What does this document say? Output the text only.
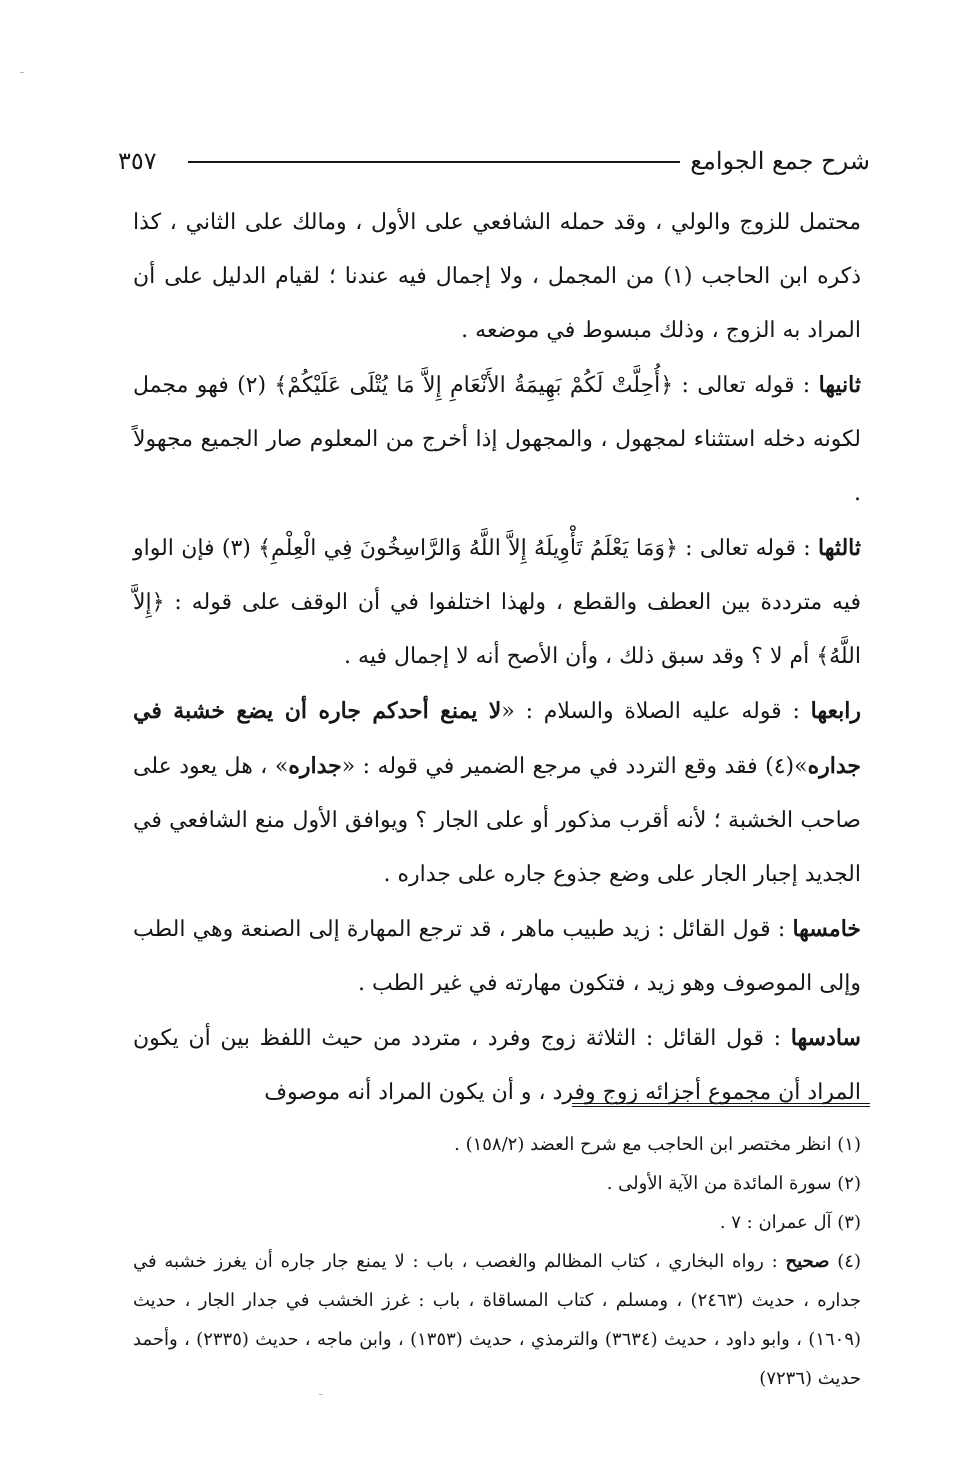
شرح جمع الجوامع
٣٥٧

محتمل للزوج والولي ، وقد حمله الشافعي على الأول ، ومالك على الثاني ، كذا ذكره ابن الحاجب (١) من المجمل ، ولا إجمال فيه عندنا ؛ لقيام الدليل على أن المراد به الزوج ، وذلك مبسوط في موضعه .

ثانيها : قوله تعالى : ﴿أُحِلَّتْ لَكُمْ بَهِيمَةُ الأَنْعَامِ إِلاَّ مَا يُتْلَى عَلَيْكُمْ﴾ (٢) فهو مجمل لكونه دخله استثناء لمجهول ، والمجهول إذا أخرج من المعلوم صار الجميع مجهولاً .

ثالثها : قوله تعالى : ﴿وَمَا يَعْلَمُ تَأْوِيلَهُ إِلاَّ اللَّهُ وَالرَّاسِخُونَ فِي الْعِلْمِ﴾ (٣) فإن الواو فيه مترددة بين العطف والقطع ، ولهذا اختلفوا في أن الوقف على قوله : ﴿إِلاَّ اللَّهُ﴾ أم لا ؟ وقد سبق ذلك ، وأن الأصح أنه لا إجمال فيه .

رابعها : قوله عليه الصلاة والسلام : «لا يمنع أحدكم جاره أن يضع خشبة في جداره»(٤) فقد وقع التردد في مرجع الضمير في قوله : «جداره» ، هل يعود على صاحب الخشبة ؛ لأنه أقرب مذكور أو على الجار ؟ ويوافق الأول منع الشافعي في الجديد إجبار الجار على وضع جذوع جاره على جداره .

خامسها : قول القائل : زيد طبيب ماهر ، قد ترجع المهارة إلى الصنعة وهي الطب وإلى الموصوف وهو زيد ، فتكون مهارته في غير الطب .

سادسها : قول القائل : الثلاثة زوج وفرد ، متردد من حيث اللفظ بين أن يكون المراد أن مجموع أجزائه زوج وفرد ، و أن يكون المراد أنه موصوف

(١) انظر مختصر ابن الحاجب مع شرح العضد (١٥٨/٢) .

(٢) سورة المائدة من الآية الأولى .

(٣) آل عمران : ٧ .

(٤) صحيح : رواه البخاري ، كتاب المظالم والغصب ، باب : لا يمنع جار جاره أن يغرز خشبه في جداره ، حديث (٢٤٦٣) ، ومسلم ، كتاب المساقاة ، باب : غرز الخشب في جدار الجار ، حديث (١٦٠٩) ، وابو داود ، حديث (٣٦٣٤) والترمذي ، حديث (١٣٥٣) ، وابن ماجه ، حديث (٢٣٣٥) ، وأحمد حديث (٧٢٣٦)
